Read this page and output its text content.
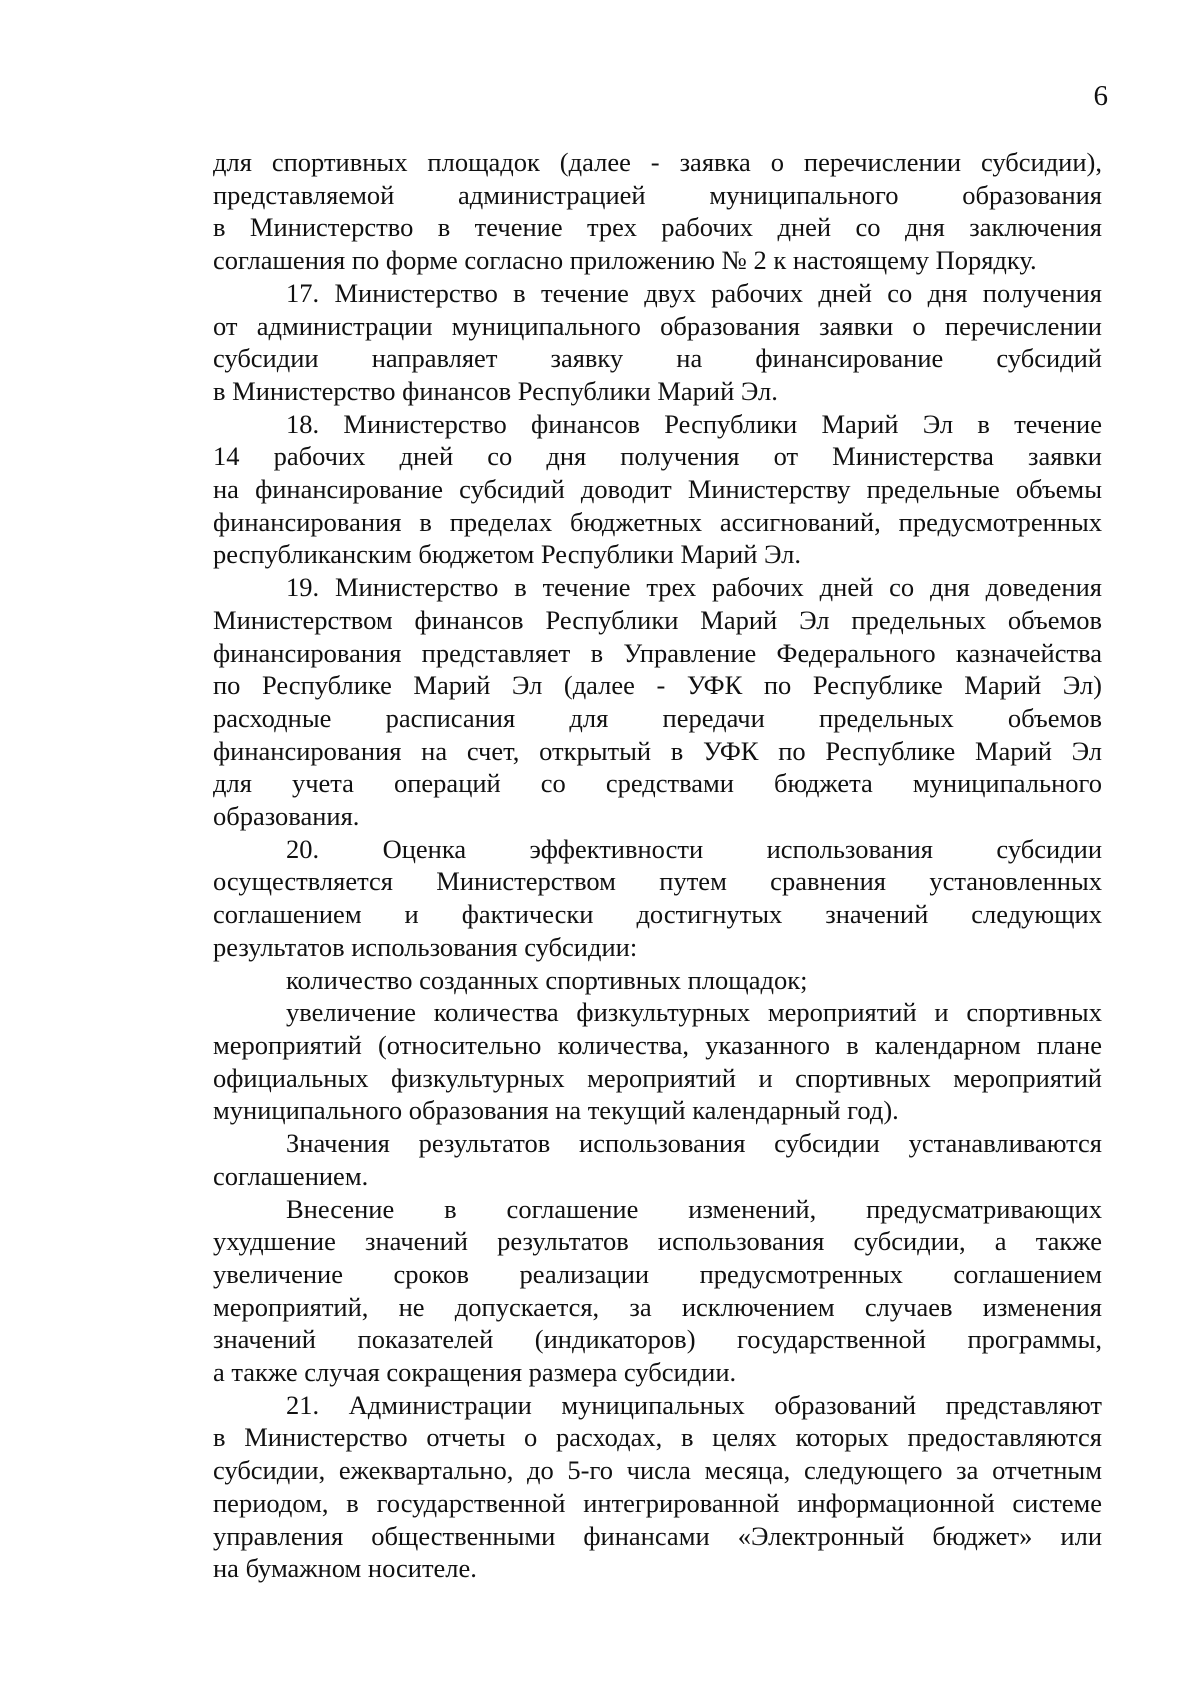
6
для спортивных площадок (далее - заявка о перечислении субсидии),
представляемой администрацией муниципального образования
в Министерство в течение трех рабочих дней со дня заключения
соглашения по форме согласно приложению № 2 к настоящему Порядку.
17. Министерство в течение двух рабочих дней со дня получения
от администрации муниципального образования заявки о перечислении
субсидии направляет заявку на финансирование субсидий
в Министерство финансов Республики Марий Эл.
18. Министерство финансов Республики Марий Эл в течение
14 рабочих дней со дня получения от Министерства заявки
на финансирование субсидий доводит Министерству предельные объемы
финансирования в пределах бюджетных ассигнований, предусмотренных
республиканским бюджетом Республики Марий Эл.
19. Министерство в течение трех рабочих дней со дня доведения
Министерством финансов Республики Марий Эл предельных объемов
финансирования представляет в Управление Федерального казначейства
по Республике Марий Эл (далее - УФК по Республике Марий Эл)
расходные расписания для передачи предельных объемов
финансирования на счет, открытый в УФК по Республике Марий Эл
для учета операций со средствами бюджета муниципального
образования.
20. Оценка эффективности использования субсидии
осуществляется Министерством путем сравнения установленных
соглашением и фактически достигнутых значений следующих
результатов использования субсидии:
количество созданных спортивных площадок;
увеличение количества физкультурных мероприятий и спортивных
мероприятий (относительно количества, указанного в календарном плане
официальных физкультурных мероприятий и спортивных мероприятий
муниципального образования на текущий календарный год).
Значения результатов использования субсидии устанавливаются
соглашением.
Внесение в соглашение изменений, предусматривающих
ухудшение значений результатов использования субсидии, а также
увеличение сроков реализации предусмотренных соглашением
мероприятий, не допускается, за исключением случаев изменения
значений показателей (индикаторов) государственной программы,
а также случая сокращения размера субсидии.
21. Администрации муниципальных образований представляют
в Министерство отчеты о расходах, в целях которых предоставляются
субсидии, ежеквартально, до 5-го числа месяца, следующего за отчетным
периодом, в государственной интегрированной информационной системе
управления общественными финансами «Электронный бюджет» или
на бумажном носителе.
